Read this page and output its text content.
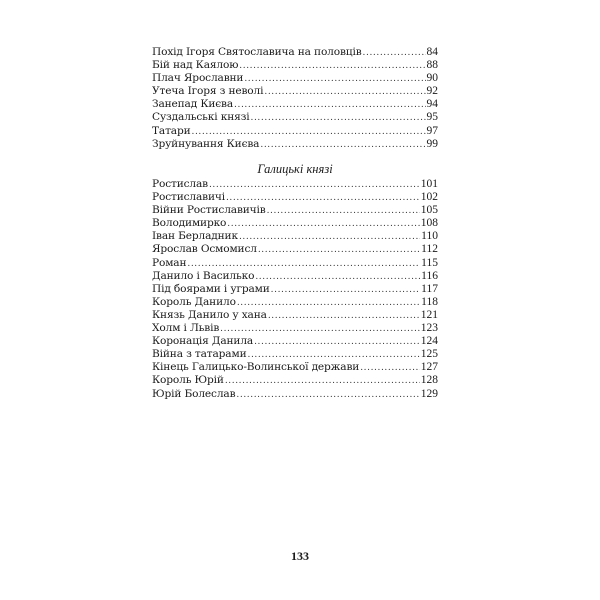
Похід Ігоря Святославича на половців .....	84
Бій над Каялою .....	88
Плач Ярославни .....	90
Утеча Ігоря з неволі .....	92
Занепад Києва .....	94
Суздальські князі .....	95
Татари .....	97
Зруйнування Києва .....	99
Галицькі князі
Ростислав .....	101
Ростиславичі .....	102
Війни Ростиславичів .....	105
Володимирко .....	108
Іван Берладник .....	110
Ярослав Осмомисл .....	112
Роман .....	115
Данило і Василько .....	116
Під боярами і уграми .....	117
Король Данило .....	118
Князь Данило у хана .....	121
Холм і Львів .....	123
Коронація Данила .....	124
Війна з татарами .....	125
Кінець Галицько-Волинської держави .....	127
Король Юрій .....	128
Юрій Болеслав .....	129
133
